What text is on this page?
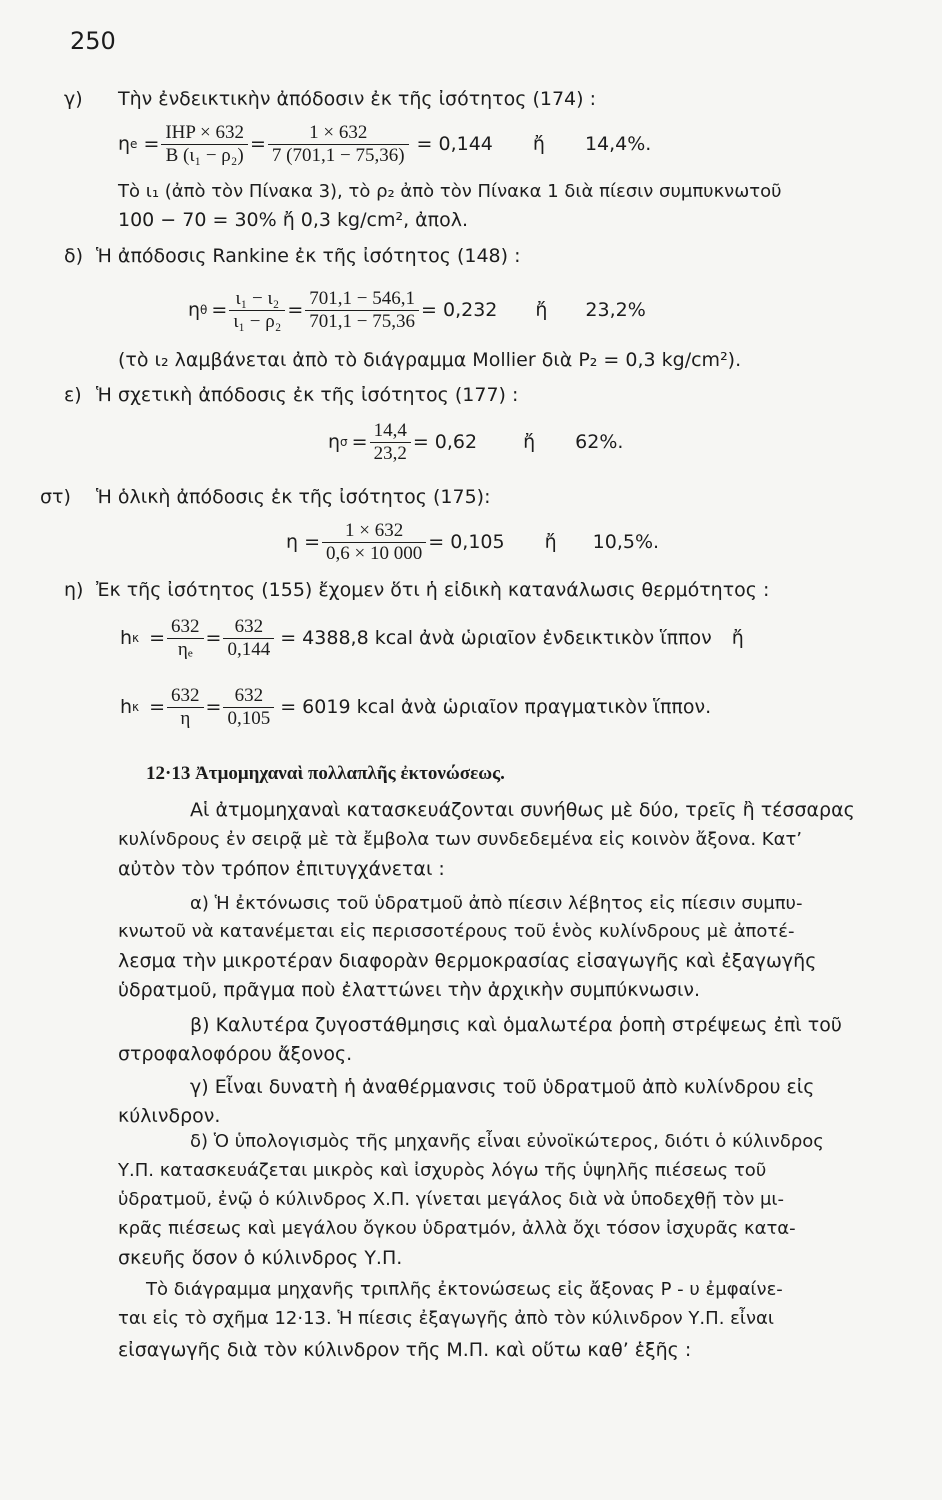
250
γ) Τὴν ἐνδεικτικὴν ἀπόδοσιν ἐκ τῆς ἰσότητος (174) :
η $e = \frac{\text{IHP × 632}}{\text{B (ι₁ − ρ₂)}} = \frac{1 \times 632}{7 (701,1 - 75,36)} = 0,144$ ἤ 14,4%.
Τὸ ι₁ (ἀπὸ τὸν Πίνακα 3), τὸ ρ₂ ἀπὸ τὸν Πίνακα 1 διὰ πίεσιν συμπυκνωτοῦ
100 − 70 = 30% ἤ 0,3 kg/cm², ἀπολ.
δ) Ἡ ἀπόδοσις Rankine ἐκ τῆς ἰσότητος (148) :
η $\theta = \frac{\text{ι₁ − ι₂}}{\text{ι₁ − ρ₂}} = \frac{701,1 - 546,1}{701,1 - 75,36} = 0,232$ ἤ 23,2%
(τὸ ι₂ λαμβάνεται ἀπὸ τὸ διάγραμμα Mollier διὰ P₂ = 0,3 kg/cm²).
ε) Ἡ σχετικὴ ἀπόδοσις ἐκ τῆς ἰσότητος (177) :
η $\sigma = \frac{14,4}{23,2} = 0,62$ ἤ 62%.
στ) Ἡ ὁλικὴ ἀπόδοσις ἐκ τῆς ἰσότητος (175):
$\eta = \frac{1 \times 632}{0,6 \times 10 000} = 0,105$ ἤ 10,5%.
η) Ἐκ τῆς ἰσότητος (155) ἔχομεν ὅτι ἡ εἰδικὴ κατανάλωσις θερμότητος :
h $\kappa = \frac{632}{\text{ηₑ}} = \frac{632}{0,144} = 4388,8$ kcal ἀνὰ ὡριαῖον ἐνδεικτικὸν ἵππον ἤ
h $\kappa = \frac{632}{\eta} = \frac{632}{0,105} = 6019$ kcal ἀνὰ ὡριαῖον πραγματικὸν ἵππον.
12·13 Ἀτμομηχαναὶ πολλαπλῆς ἐκτονώσεως.
Αἱ ἀτμομηχαναὶ κατασκευάζονται συνήθως μὲ δύο, τρεῖς ἢ τέσσαρας
κυλίνδρους ἐν σειρᾷ μὲ τὰ ἔμβολα των συνδεδεμένα εἰς κοινὸν ἄξονα. Κατ’
αὐτὸν τὸν τρόπον ἐπιτυγχάνεται :
α) Ἡ ἐκτόνωσις τοῦ ὑδρατμοῦ ἀπὸ πίεσιν λέβητος εἰς πίεσιν συμπυ-
κνωτοῦ νὰ κατανέμεται εἰς περισσοτέρους τοῦ ἑνὸς κυλίνδρους μὲ ἀποτέ-
λεσμα τὴν μικροτέραν διαφορὰν θερμοκρασίας εἰσαγωγῆς καὶ ἐξαγωγῆς
ὑδρατμοῦ, πρᾶγμα ποὺ ἐλαττώνει τὴν ἀρχικὴν συμπύκνωσιν.
β) Καλυτέρα ζυγοστάθμησις καὶ ὁμαλωτέρα ῥοπὴ στρέψεως ἐπὶ τοῦ
στροφαλοφόρου ἄξονος.
γ) Εἶναι δυνατὴ ἡ ἀναθέρμανσις τοῦ ὑδρατμοῦ ἀπὸ κυλίνδρου εἰς
κύλινδρον.
δ) Ὁ ὑπολογισμὸς τῆς μηχανῆς εἶναι εὐνοϊκώτερος, διότι ὁ κύλινδρος
Υ.Π. κατασκευάζεται μικρὸς καὶ ἰσχυρὸς λόγω τῆς ὑψηλῆς πιέσεως τοῦ
ὑδρατμοῦ, ἐνῷ ὁ κύλινδρος Χ.Π. γίνεται μεγάλος διὰ νὰ ὑποδεχθῇ τὸν μι-
κρᾶς πιέσεως καὶ μεγάλου ὄγκου ὑδρατμόν, ἀλλὰ ὄχι τόσον ἰσχυρᾶς κατα-
σκευῆς ὅσον ὁ κύλινδρος Υ.Π.
Τὸ διάγραμμα μηχανῆς τριπλῆς ἐκτονώσεως εἰς ἄξονας P - υ ἐμφαίνε-
ται εἰς τὸ σχῆμα 12·13. Ἡ πίεσις ἐξαγωγῆς ἀπὸ τὸν κύλινδρον Υ.Π. εἶναι
εἰσαγωγῆς διὰ τὸν κύλινδρον τῆς Μ.Π. καὶ οὕτω καθ’ ἑξῆς :
